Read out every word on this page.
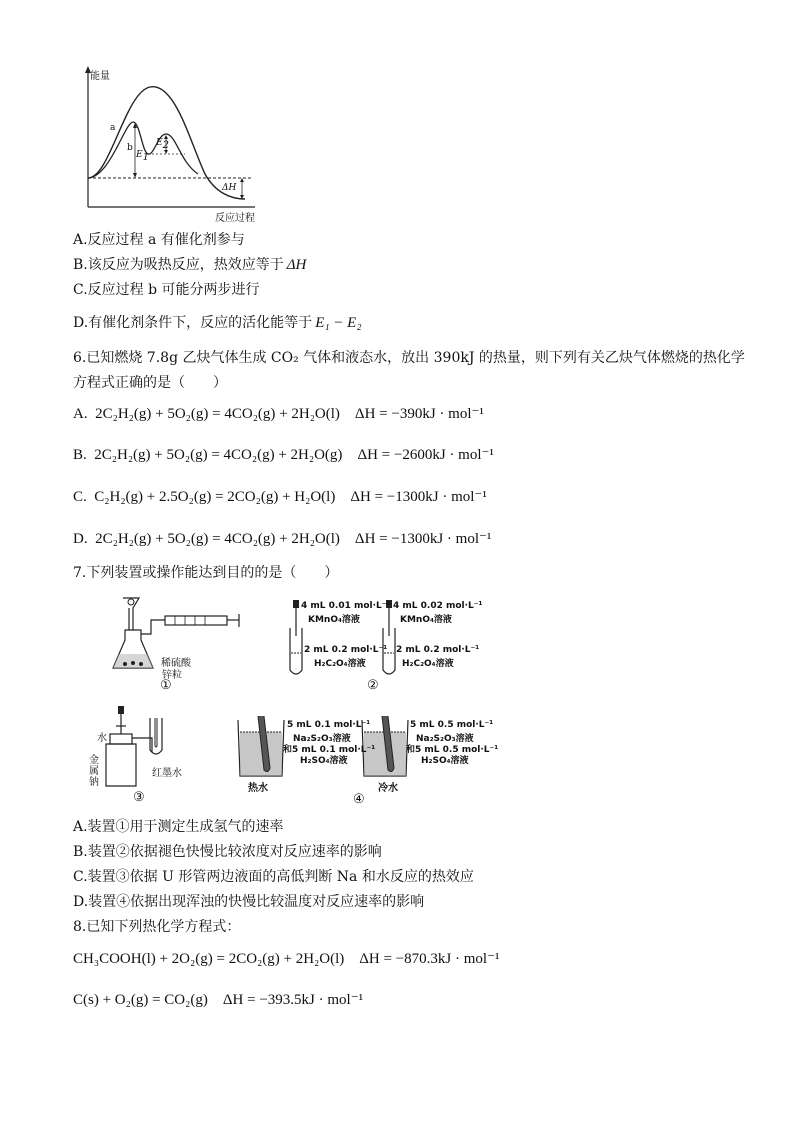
能量
反应过程
a
b
$E_1$
$E_2$
ΔH
A.反应过程 a 有催化剂参与
B.该反应为吸热反应，热效应等于 ΔH
C.反应过程 b 可能分两步进行
D.有催化剂条件下，反应的活化能等于 E₁ − E₂
6.已知燃烧 7.8g 乙炔气体生成 CO₂ 气体和液态水，放出 390kJ 的热量，则下列有关乙炔气体燃烧的热化学
方程式正确的是（　　）
A. 2C₂H₂(g) + 5O₂(g) = 4CO₂(g) + 2H₂O(l) ΔH = −390kJ · mol⁻¹
B. 2C₂H₂(g) + 5O₂(g) = 4CO₂(g) + 2H₂O(g) ΔH = −2600kJ · mol⁻¹
C. C₂H₂(g) + 2.5O₂(g) = 2CO₂(g) + H₂O(l) ΔH = −1300kJ · mol⁻¹
D. 2C₂H₂(g) + 5O₂(g) = 4CO₂(g) + 2H₂O(l) ΔH = −1300kJ · mol⁻¹
7.下列装置或操作能达到目的的是（　　）
稀硫酸
锌粒
①
4 mL 0.01 mol·L⁻¹
KMnO₄溶液
2 mL 0.2 mol·L⁻¹
H₂C₂O₄溶液
4 mL 0.02 mol·L⁻¹
KMnO₄溶液
2 mL 0.2 mol·L⁻¹
H₂C₂O₄溶液
②
水
金
属
钠
红墨水
③
5 mL 0.1 mol·L⁻¹
Na₂S₂O₃溶液
和5 mL 0.1 mol·L⁻¹
H₂SO₄溶液
热水
5 mL 0.5 mol·L⁻¹
Na₂S₂O₃溶液
和5 mL 0.5 mol·L⁻¹
H₂SO₄溶液
冷水
④
A.装置①用于测定生成氢气的速率
B.装置②依据褪色快慢比较浓度对反应速率的影响
C.装置③依据 U 形管两边液面的高低判断 Na 和水反应的热效应
D.装置④依据出现浑浊的快慢比较温度对反应速率的影响
8.已知下列热化学方程式：
CH₃COOH(l) + 2O₂(g) = 2CO₂(g) + 2H₂O(l) ΔH = −870.3kJ · mol⁻¹
C(s) + O₂(g) = CO₂(g) ΔH = −393.5kJ · mol⁻¹
